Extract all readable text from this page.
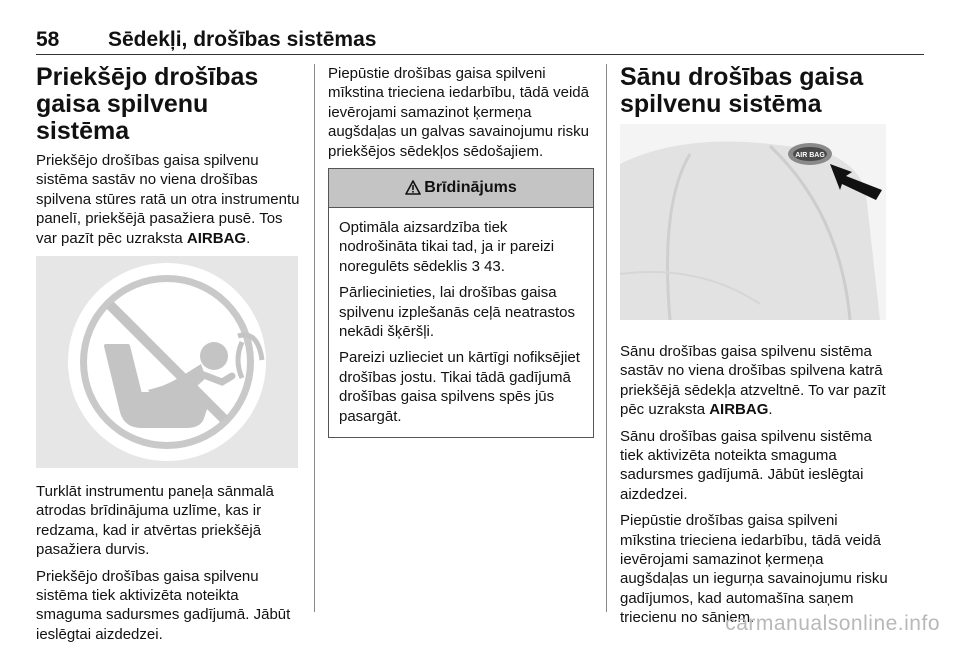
58 Sēdekļi, drošības sistēmas
Priekšējo drošības gaisa spilvenu sistēma

Priekšējo drošības gaisa spilvenu sistēma sastāv no viena drošības spilvena stūres ratā un otra instrumentu panelī, priekšējā pasažiera pusē. Tos var pazīt pēc uzraksta AIRBAG.

Turklāt instrumentu paneļa sānmalā atrodas brīdinājuma uzlīme, kas ir redzama, kad ir atvērtas priekšējā pasažiera durvis.

Priekšējo drošības gaisa spilvenu sistēma tiek aktivizēta noteikta smaguma sadursmes gadījumā. Jābūt ieslēgtai aizdedzei.

Piepūstie drošības gaisa spilveni mīkstina trieciena iedarbību, tādā veidā ievērojami samazinot ķermeņa augšdaļas un galvas savainojumu risku priekšējos sēdekļos sēdošajiem.

Brīdinājums

Optimāla aizsardzība tiek nodrošināta tikai tad, ja ir pareizi noregulēts sēdeklis 3 43.

Pārliecinieties, lai drošības gaisa spilvenu izplešanās ceļā neatrastos nekādi šķēršļi.

Pareizi uzlieciet un kārtīgi nofiksējiet drošības jostu. Tikai tādā gadījumā drošības gaisa spilvens spēs jūs pasargāt.

Sānu drošības gaisa spilvenu sistēma
AIR BAG

Sānu drošības gaisa spilvenu sistēma sastāv no viena drošības spilvena katrā priekšējā sēdekļa atzveltnē. To var pazīt pēc uzraksta AIRBAG.

Sānu drošības gaisa spilvenu sistēma tiek aktivizēta noteikta smaguma sadursmes gadījumā. Jābūt ieslēgtai aizdedzei.

Piepūstie drošības gaisa spilveni mīkstina trieciena iedarbību, tādā veidā ievērojami samazinot ķermeņa augšdaļas un iegurņa savainojumu risku gadījumos, kad automašīna saņem triecienu no sāniem.

carmanualsonline.info
